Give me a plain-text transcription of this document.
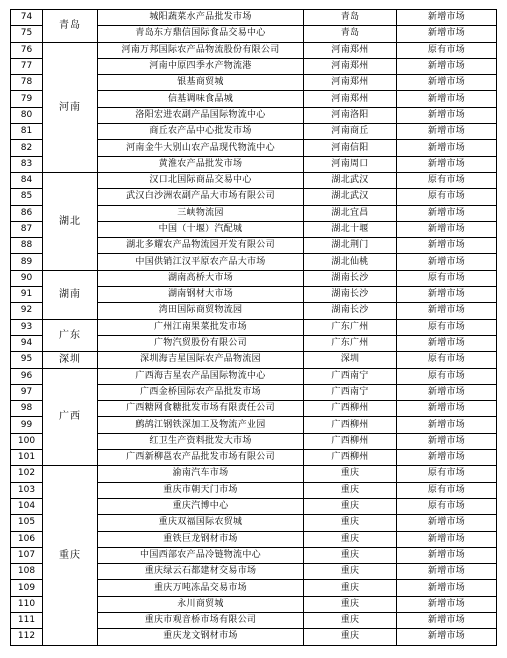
74	青岛	城阳蔬菜水产品批发市场	青岛	新增市场
75		青岛东方鼎信国际食品交易中心	青岛	新增市场
76	河南	河南万邦国际农产品物流股份有限公司	河南郑州	原有市场
77		河南中原四季水产物流港	河南郑州	新增市场
78		银基商贸城	河南郑州	新增市场
79		信基调味食品城	河南郑州	新增市场
80		洛阳宏进农副产品国际物流中心	河南洛阳	新增市场
81		商丘农产品中心批发市场	河南商丘	新增市场
82		河南金牛大别山农产品现代物流中心	河南信阳	新增市场
83		黄淮农产品批发市场	河南周口	新增市场
84	湖北	汉口北国际商品交易中心	湖北武汉	原有市场
85		武汉白沙洲农副产品大市场有限公司	湖北武汉	原有市场
86		三峡物流园	湖北宜昌	新增市场
87		中国（十堰）汽配城	湖北十堰	新增市场
88		湖北多耀农产品物流园开发有限公司	湖北荆门	新增市场
89		中国供销江汉平原农产品大市场	湖北仙桃	新增市场
90	湖南	湖南高桥大市场	湖南长沙	原有市场
91		湖南钢材大市场	湖南长沙	新增市场
92		湾田国际商贸物流园	湖南长沙	新增市场
93	广东	广州江南果菜批发市场	广东广州	原有市场
94		广物汽贸股份有限公司	广东广州	新增市场
95	深圳	深圳海吉星国际农产品物流园	深圳	原有市场
96	广西	广西海吉星农产品国际物流中心	广西南宁	原有市场
97		广西金桥国际农产品批发市场	广西南宁	新增市场
98		广西糖网食糖批发市场有限责任公司	广西柳州	新增市场
99		鹧鸪江钢铁深加工及物流产业园	广西柳州	新增市场
100		红卫生产资料批发大市场	广西柳州	新增市场
101		广西新柳邕农产品批发市场有限公司	广西柳州	新增市场
102	重庆	渝南汽车市场	重庆	原有市场
103		重庆市朝天门市场	重庆	原有市场
104		重庆汽博中心	重庆	原有市场
105		重庆双福国际农贸城	重庆	新增市场
106		重铁巨龙钢材市场	重庆	新增市场
107		中国西部农产品冷链物流中心	重庆	新增市场
108		重庆绿云石都建材交易市场	重庆	新增市场
109		重庆万吨冻品交易市场	重庆	新增市场
110		永川商贸城	重庆	新增市场
111		重庆市观音桥市场有限公司	重庆	新增市场
112		重庆龙文钢材市场	重庆	新增市场
